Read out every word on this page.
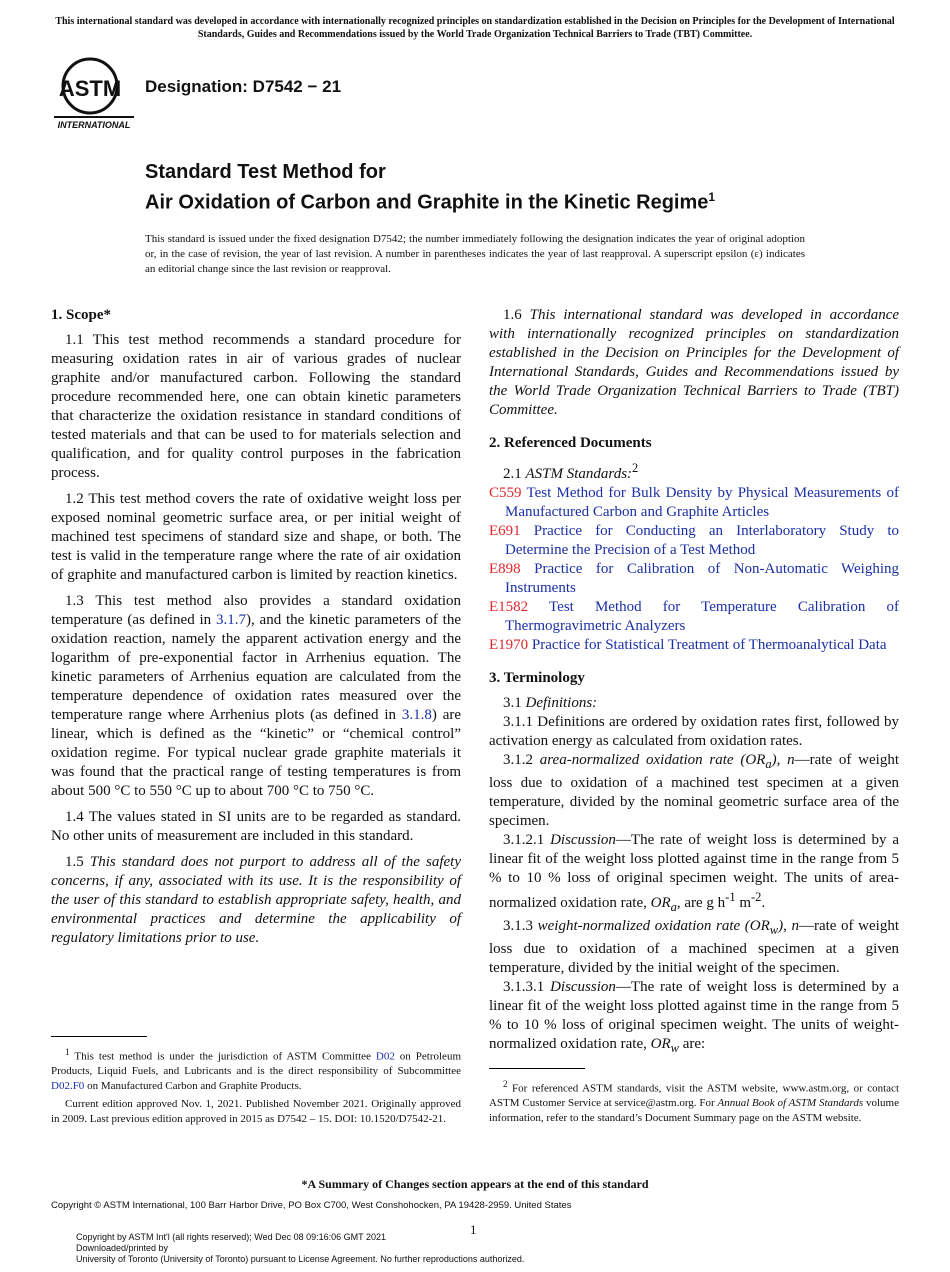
This international standard was developed in accordance with internationally recognized principles on standardization established in the Decision on Principles for the Development of International Standards, Guides and Recommendations issued by the World Trade Organization Technical Barriers to Trade (TBT) Committee.
ASTM
INTERNATIONAL
Designation: D7542 − 21
Standard Test Method for
Air Oxidation of Carbon and Graphite in the Kinetic Regime$^1$
This standard is issued under the fixed designation D7542; the number immediately following the designation indicates the year of original adoption or, in the case of revision, the year of last revision. A number in parentheses indicates the year of last reapproval. A superscript epsilon (ε) indicates an editorial change since the last revision or reapproval.
1. Scope*

1.1 This test method recommends a standard procedure for measuring oxidation rates in air of various grades of nuclear graphite and/or manufactured carbon. Following the standard procedure recommended here, one can obtain kinetic parameters that characterize the oxidation resistance in standard conditions of tested materials and that can be used to for materials selection and qualification, and for quality control purposes in the fabrication process.

1.2 This test method covers the rate of oxidative weight loss per exposed nominal geometric surface area, or per initial weight of machined test specimens of standard size and shape, or both. The test is valid in the temperature range where the rate of air oxidation of graphite and manufactured carbon is limited by reaction kinetics.

1.3 This test method also provides a standard oxidation temperature (as defined in 3.1.7), and the kinetic parameters of the oxidation reaction, namely the apparent activation energy and the logarithm of pre-exponential factor in Arrhenius equation. The kinetic parameters of Arrhenius equation are calculated from the temperature dependence of oxidation rates measured over the temperature range where Arrhenius plots (as defined in 3.1.8) are linear, which is defined as the “kinetic” or “chemical control” oxidation regime. For typical nuclear grade graphite materials it was found that the practical range of testing temperatures is from about 500 °C to 550 °C up to about 700 °C to 750 °C.

1.4 The values stated in SI units are to be regarded as standard. No other units of measurement are included in this standard.

1.5 This standard does not purport to address all of the safety concerns, if any, associated with its use. It is the responsibility of the user of this standard to establish appropriate safety, health, and environmental practices and determine the applicability of regulatory limitations prior to use.

$^1$ This test method is under the jurisdiction of ASTM Committee D02 on Petroleum Products, Liquid Fuels, and Lubricants and is the direct responsibility of Subcommittee D02.F0 on Manufactured Carbon and Graphite Products.

Current edition approved Nov. 1, 2021. Published November 2021. Originally approved in 2009. Last previous edition approved in 2015 as D7542 – 15. DOI: 10.1520/D7542-21.

1.6 This international standard was developed in accordance with internationally recognized principles on standardization established in the Decision on Principles for the Development of International Standards, Guides and Recommendations issued by the World Trade Organization Technical Barriers to Trade (TBT) Committee.

2. Referenced Documents

2.1 ASTM Standards:$^2$

C559 Test Method for Bulk Density by Physical Measurements of Manufactured Carbon and Graphite Articles
E691 Practice for Conducting an Interlaboratory Study to Determine the Precision of a Test Method
E898 Practice for Calibration of Non-Automatic Weighing Instruments
E1582 Test Method for Temperature Calibration of Thermogravimetric Analyzers
E1970 Practice for Statistical Treatment of Thermoanalytical Data
3. Terminology

3.1 Definitions:

3.1.1 Definitions are ordered by oxidation rates first, followed by activation energy as calculated from oxidation rates.

3.1.2 area-normalized oxidation rate $(OR_a)$, n—rate of weight loss due to oxidation of a machined test specimen at a given temperature, divided by the nominal geometric surface area of the specimen.

3.1.2.1 Discussion—The rate of weight loss is determined by a linear fit of the weight loss plotted against time in the range from 5 % to 10 % loss of original specimen weight. The units of area-normalized oxidation rate, $OR_a$, are g $h^{-1}$ $m^{-2}$.

3.1.3 weight-normalized oxidation rate $(OR_w)$, n—rate of weight loss due to oxidation of a machined specimen at a given temperature, divided by the initial weight of the specimen.

3.1.3.1 Discussion—The rate of weight loss is determined by a linear fit of the weight loss plotted against time in the range from 5 % to 10 % loss of original specimen weight. The units of weight-normalized oxidation rate, $OR_w$ are:

$^2$ For referenced ASTM standards, visit the ASTM website, www.astm.org, or contact ASTM Customer Service at service@astm.org. For Annual Book of ASTM Standards volume information, refer to the standard’s Document Summary page on the ASTM website.

*A Summary of Changes section appears at the end of this standard
Copyright © ASTM International, 100 Barr Harbor Drive, PO Box C700, West Conshohocken, PA 19428-2959. United States
1
Copyright by ASTM Int'l (all rights reserved); Wed Dec 08 09:16:06 GMT 2021
Downloaded/printed by
University of Toronto (University of Toronto) pursuant to License Agreement. No further reproductions authorized.
